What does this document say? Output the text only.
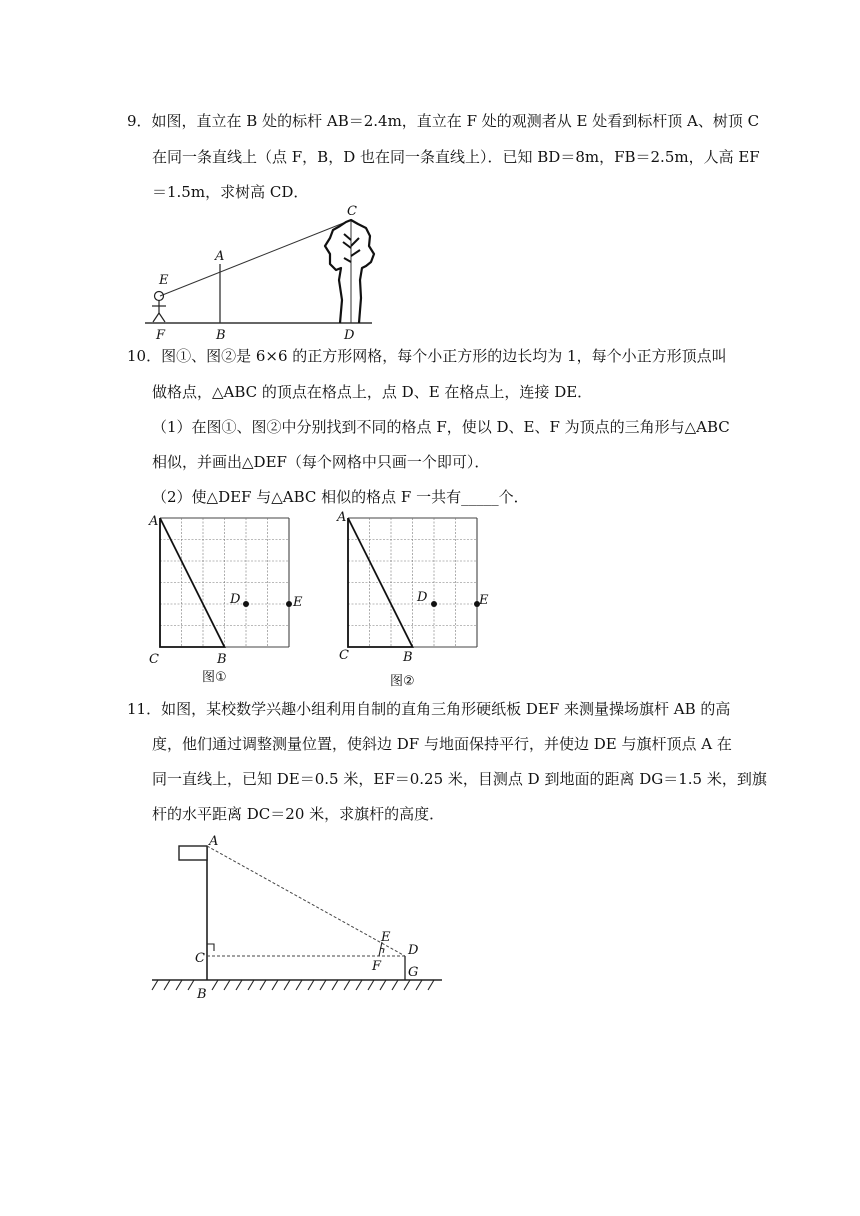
9．如图，直立在 B 处的标杆 AB＝2.4m，直立在 F 处的观测者从 E 处看到标杆顶 A、树顶 C
在同一条直线上（点 F，B，D 也在同一条直线上）．已知 BD＝8m，FB＝2.5m，人高 EF
＝1.5m，求树高 CD．
C
A
E
F	B	D
10．图①、图②是 6×6 的正方形网格，每个小正方形的边长均为 1，每个小正方形顶点叫
做格点，△ABC 的顶点在格点上，点 D、E 在格点上，连接 DE．
（1）在图①、图②中分别找到不同的格点 F，使以 D、E、F 为顶点的三角形与△ABC
相似，并画出△DEF（每个网格中只画一个即可）．
（2）使△DEF 与△ABC 相似的格点 F 一共有_____个．
A
C	B
D	E
图①
A
C	B
D	E
图②
11．如图，某校数学兴趣小组利用自制的直角三角形硬纸板 DEF 来测量操场旗杆 AB 的高
度，他们通过调整测量位置，使斜边 DF 与地面保持平行，并使边 DE 与旗杆顶点 A 在
同一直线上，已知 DE＝0.5 米，EF＝0.25 米，目测点 D 到地面的距离 DG＝1.5 米，到旗
杆的水平距离 DC＝20 米，求旗杆的高度．
A
C
B
E
F
D
G
